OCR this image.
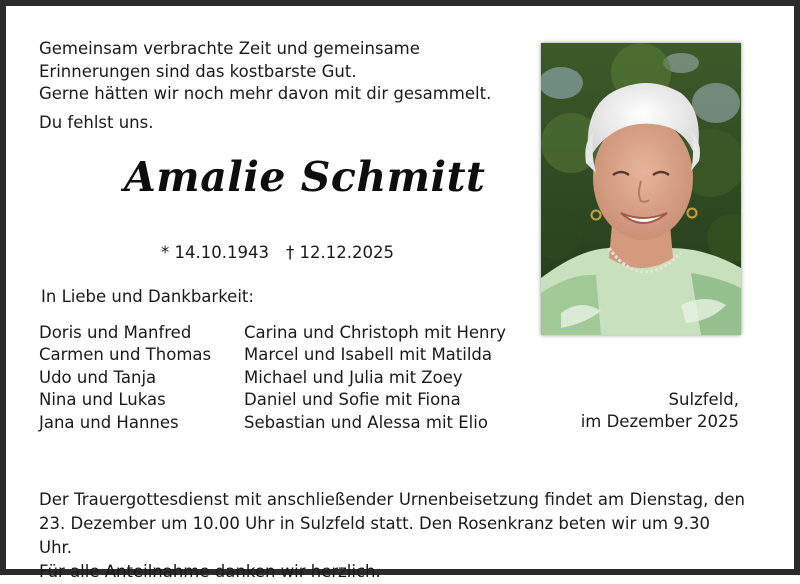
Gemeinsam verbrachte Zeit und gemeinsame
Erinnerungen sind das kostbarste Gut.
Gerne hätten wir noch mehr davon mit dir gesammelt.
Du fehlst uns.
Amalie Schmitt
* 14.10.1943 † 12.12.2025
In Liebe und Dankbarkeit:
Doris und Manfred
Carmen und Thomas
Udo und Tanja
Nina und Lukas
Jana und Hannes
Carina und Christoph mit Henry
Marcel und Isabell mit Matilda
Michael und Julia mit Zoey
Daniel und Sofie mit Fiona
Sebastian und Alessa mit Elio
Sulzfeld,
im Dezember 2025
Der Trauergottesdienst mit anschließender Urnenbeisetzung findet am Dienstag, den
23. Dezember um 10.00 Uhr in Sulzfeld statt. Den Rosenkranz beten wir um 9.30 Uhr.
Für alle Anteilnahme danken wir herzlich.
